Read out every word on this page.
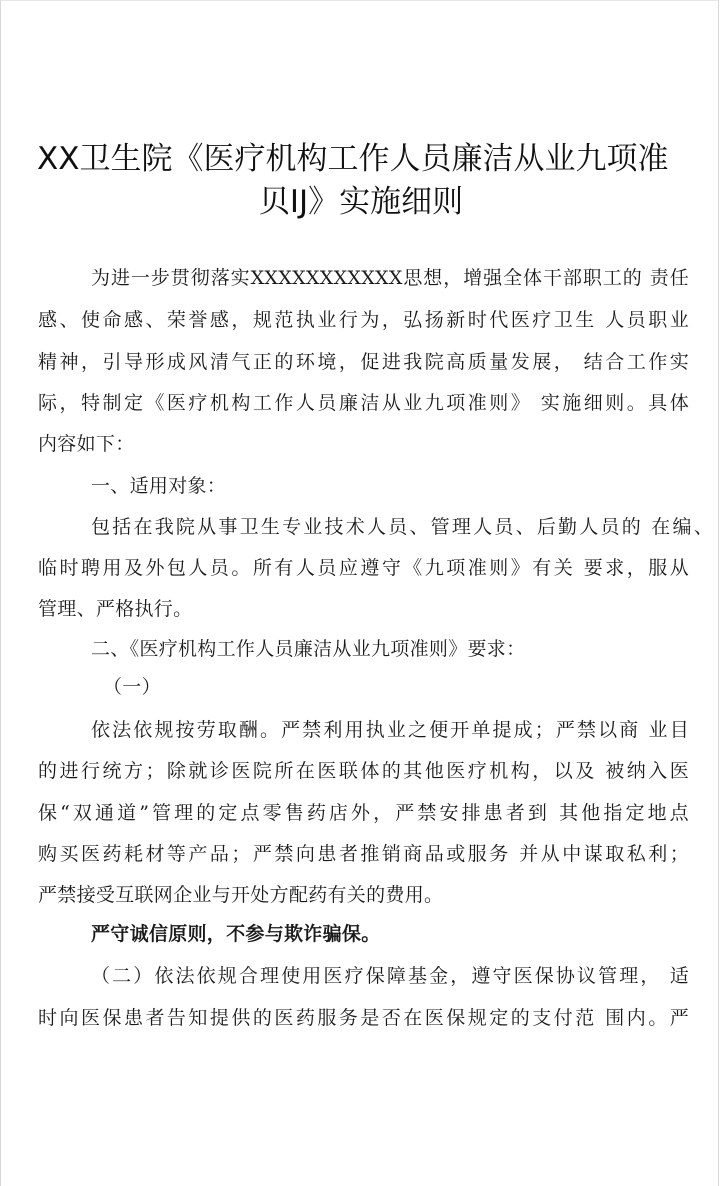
XX卫生院《医疗机构工作人员廉洁从业九项准
贝IJ》实施细则
为进一步贯彻落实XXXXXXXXXXX思想，增强全体干部职工的 责任
感、使命感、荣誉感，规范执业行为，弘扬新时代医疗卫生 人员职业
精神，引导形成风清气正的环境，促进我院高质量发展， 结合工作实
际，特制定《医疗机构工作人员廉洁从业九项准则》 实施细则。具体
内容如下：
一、适用对象：
包括在我院从事卫生专业技术人员、管理人员、后勤人员的 在编、
临时聘用及外包人员。所有人员应遵守《九项准则》有关 要求，服从
管理、严格执行。
二、《医疗机构工作人员廉洁从业九项准则》要求：
（一）
依法依规按劳取酬。严禁利用执业之便开单提成；严禁以商 业目
的进行统方；除就诊医院所在医联体的其他医疗机构，以及 被纳入医
保“双通道”管理的定点零售药店外，严禁安排患者到 其他指定地点
购买医药耗材等产品；严禁向患者推销商品或服务 并从中谋取私利；
严禁接受互联网企业与开处方配药有关的费用。
严守诚信原则，不参与欺诈骗保。
（二）依法依规合理使用医疗保障基金，遵守医保协议管理， 适
时向医保患者告知提供的医药服务是否在医保规定的支付范 围内。严
